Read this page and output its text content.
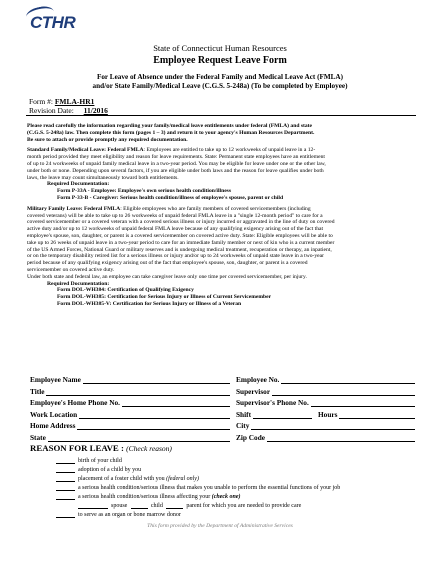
CTHR
State of Connecticut Human Resources
Employee Request Leave Form
For Leave of Absence under the Federal Family and Medical Leave Act (FMLA)
and/or State Family/Medical Leave (C.G.S. 5-248a) (To be completed by Employee)
Form #: FMLA-HR1
Revision Date: 11/2016

Please read carefully the information regarding your family/medical leave entitlements under federal (FMLA) and state

(C.G.S. 5-248a) law. Then complete this form (pages 1 – 3) and return it to your agency's Human Resources Department.

Be sure to attach or provide promptly any required documentation.

Standard Family/Medical Leave: Federal FMLA: Employees are entitled to take up to 12 workweeks of unpaid leave in a 12-

month period provided they meet eligibility and reason for leave requirements. State: Permanent state employees have an entitlement

of up to 24 workweeks of unpaid family medical leave in a two-year period. You may be eligible for leave under one or the other law,

under both or none. Depending upon several factors, if you are eligible under both laws and the reason for leave qualifies under both

laws, the leave may count simultaneously toward both entitlements.

Required Documentation:

Form P-33A - Employee: Employee's own serious health condition/illness

Form P-33-B - Caregiver: Serious health condition/illness of employee's spouse, parent or child

Military Family Leave: Federal FMLA: Eligible employees who are family members of covered servicemembers (including

covered veterans) will be able to take up to 26 workweeks of unpaid federal FMLA leave in a "single 12-month period" to care for a

covered servicemember or a covered veteran with a covered serious illness or injury incurred or aggravated in the line of duty on covered

active duty and/or up to 12 workweeks of unpaid federal FMLA leave because of any qualifying exigency arising out of the fact that

employee's spouse, son, daughter, or parent is a covered servicemember on covered active duty. State: Eligible employees will be able to

take up to 26 weeks of unpaid leave in a two-year period to care for an immediate family member or next of kin who is a current member

of the US Armed Forces, National Guard or military reserves and is undergoing medical treatment, recuperation or therapy, an inpatient,

or on the temporary disability retired list for a serious illness or injury and/or up to 24 workweeks of unpaid state leave in a two-year

period because of any qualifying exigency arising out of the fact that employee's spouse, son, daughter, or parent is a covered

servicemember on covered active duty.

Under both state and federal law, an employee can take caregiver leave only one time per covered servicemember, per injury.

Required Documentation:

Form DOL-WH384: Certification of Qualifying Exigency

Form DOL-WH385: Certification for Serious Injury or Illness of Current Servicemember

Form DOL-WH385-V: Certification for Serious Injury or Illness of a Veteran

Employee Name	Employee No.
Title	Supervisor
Employee's Home Phone No.	Supervisor's Phone No.
Work Location	Shift	Hours
Home Address	City
State	Zip Code
REASON FOR LEAVE : (Check reason)
birth of your child
adoption of a child by you
placement of a foster child with you
(federal only)
a serious health condition/serious illness that makes you unable to perform the essential functions of your job
a serious health condition/serious illness affecting your
(check one)
spouse
	child
	parent for which you are needed to provide care
to serve as an organ or bone marrow donor
This form provided by the Department of Administrative Services
